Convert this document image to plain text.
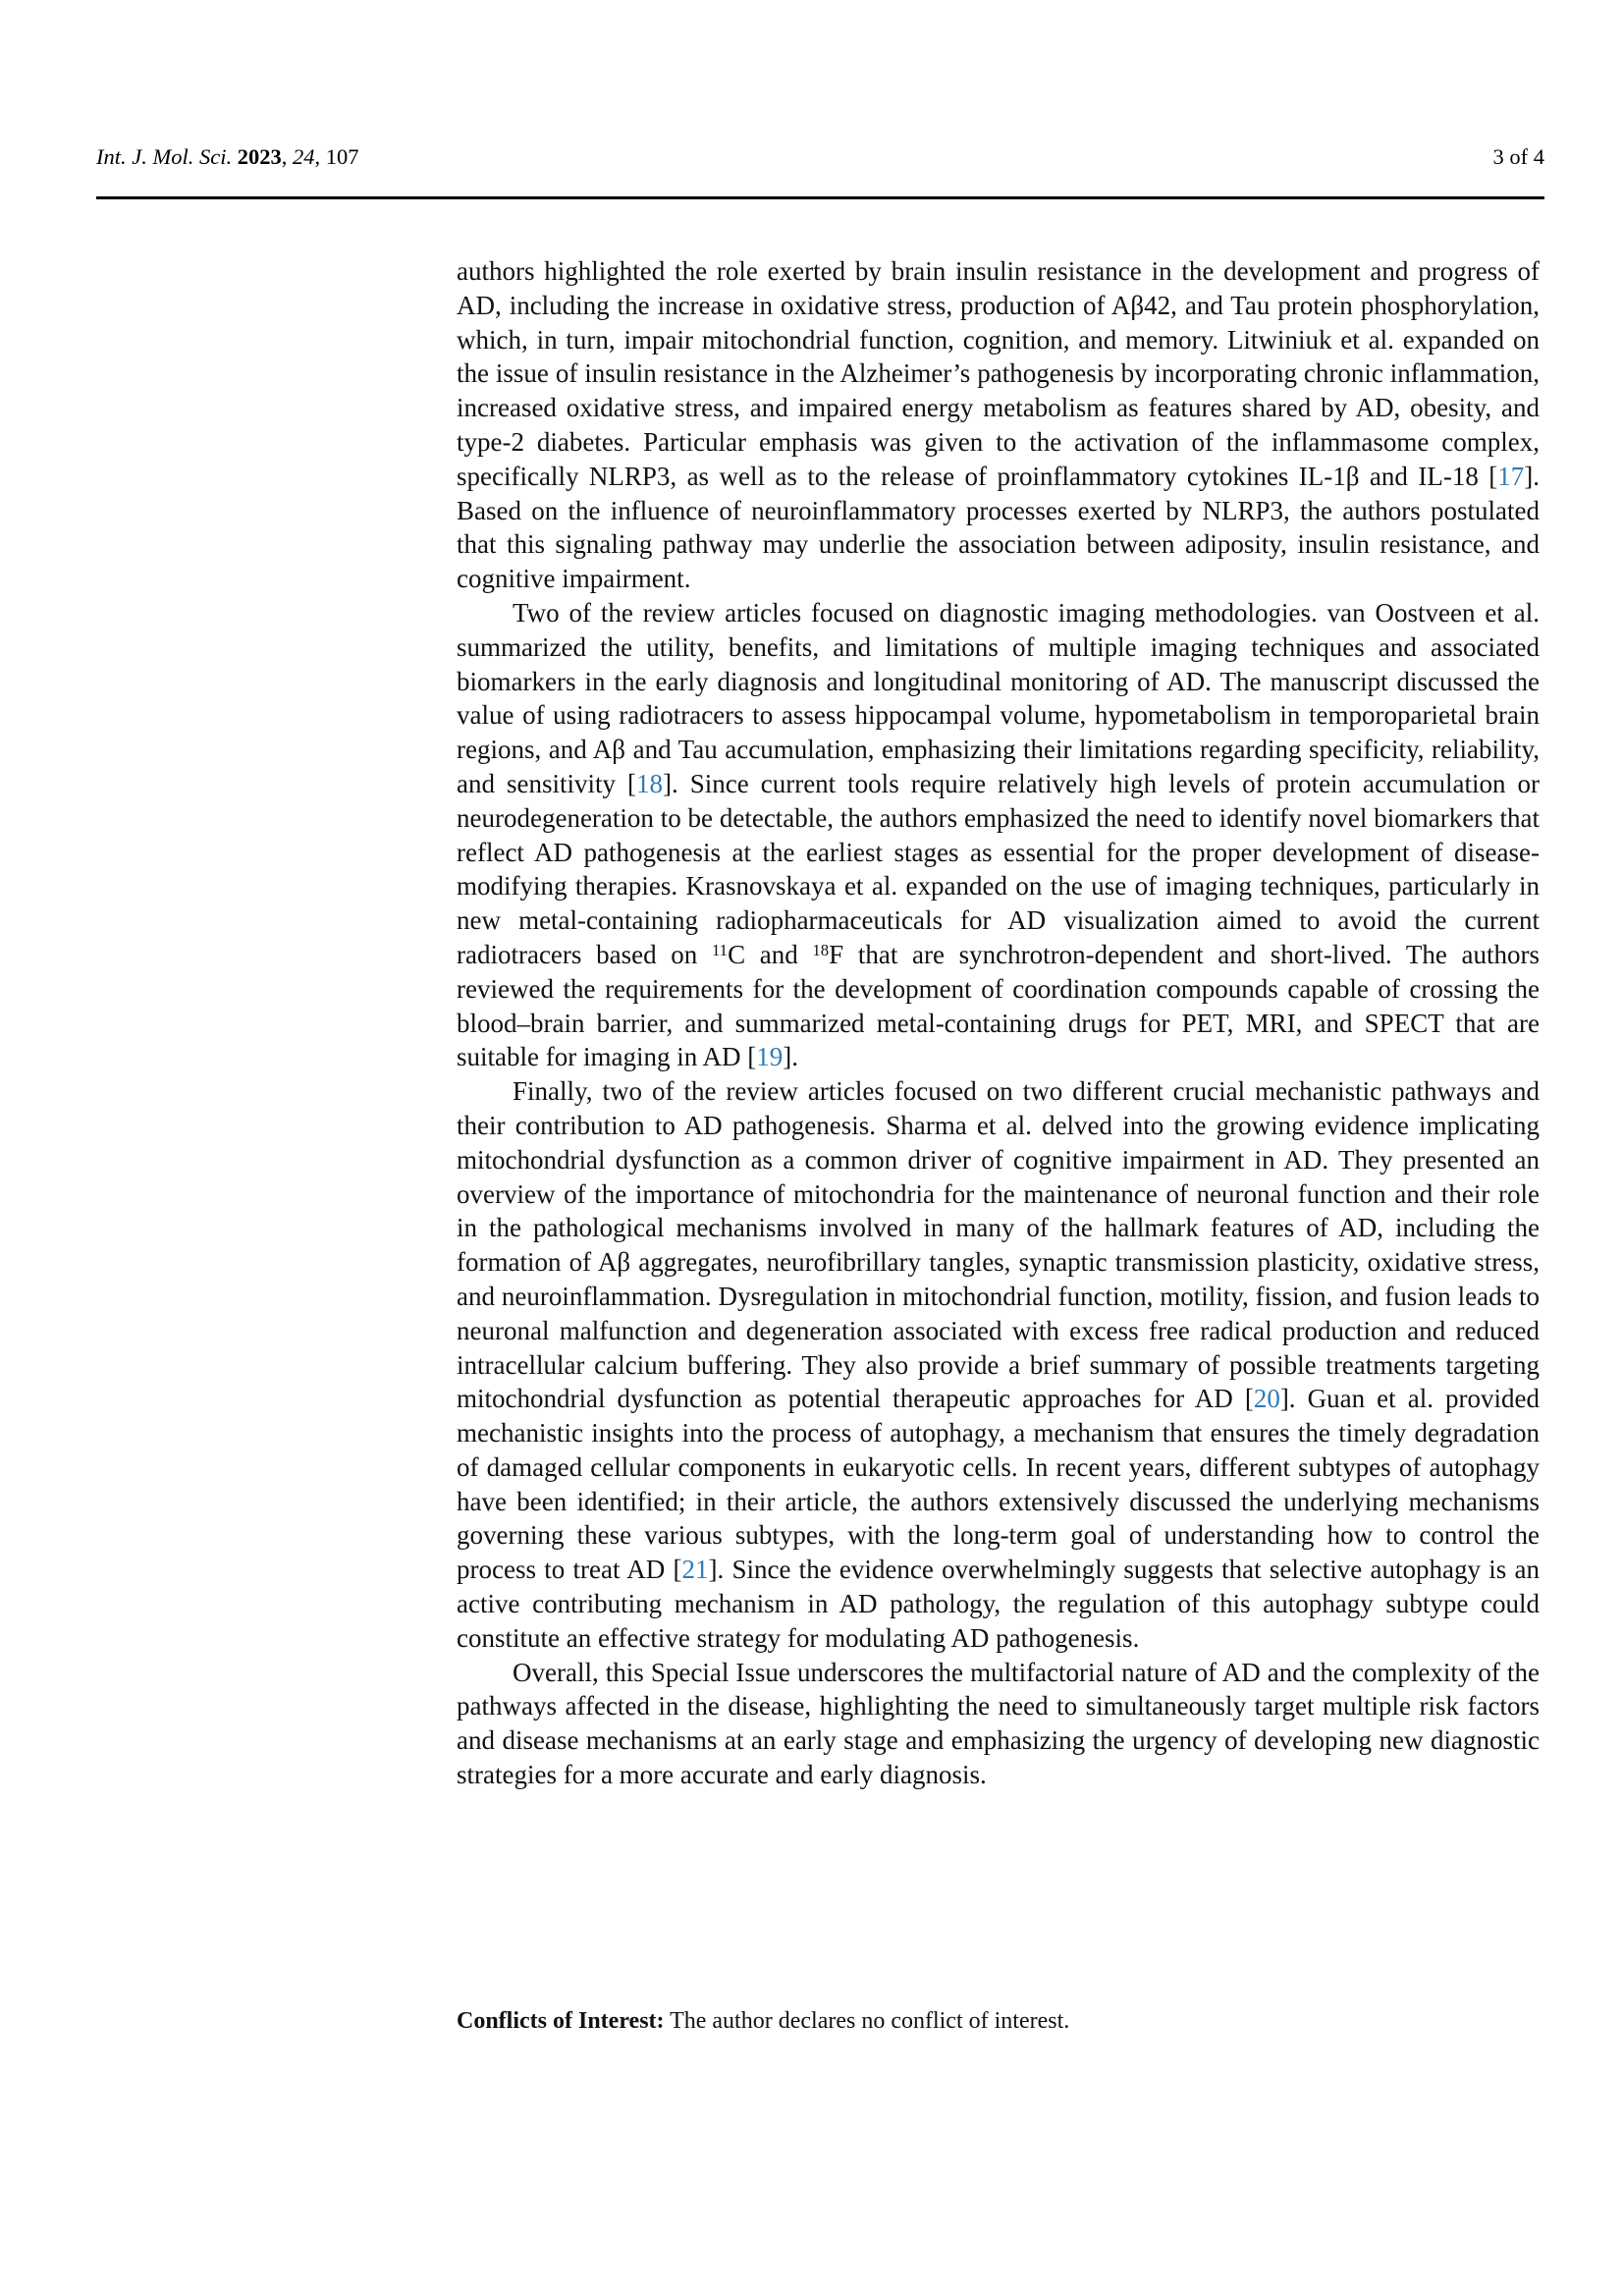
Int. J. Mol. Sci. 2023, 24, 107	3 of 4

authors highlighted the role exerted by brain insulin resistance in the development and progress of AD, including the increase in oxidative stress, production of Aβ42, and Tau protein phosphorylation, which, in turn, impair mitochondrial function, cognition, and memory. Litwiniuk et al. expanded on the issue of insulin resistance in the Alzheimer’s pathogenesis by incorporating chronic inflammation, increased oxidative stress, and impaired energy metabolism as features shared by AD, obesity, and type-2 diabetes. Particular emphasis was given to the activation of the inflammasome complex, specifically NLRP3, as well as to the release of proinflammatory cytokines IL-1β and IL-18 [17]. Based on the influence of neuroinflammatory processes exerted by NLRP3, the authors postulated that this signaling pathway may underlie the association between adiposity, insulin resistance, and cognitive impairment.

Two of the review articles focused on diagnostic imaging methodologies. van Oostveen et al. summarized the utility, benefits, and limitations of multiple imaging techniques and associated biomarkers in the early diagnosis and longitudinal monitoring of AD. The manuscript discussed the value of using radiotracers to assess hippocampal volume, hypometabolism in temporoparietal brain regions, and Aβ and Tau accumulation, emphasizing their limitations regarding specificity, reliability, and sensitivity [18]. Since current tools require relatively high levels of protein accumulation or neurodegeneration to be detectable, the authors emphasized the need to identify novel biomarkers that reflect AD pathogenesis at the earliest stages as essential for the proper development of disease-modifying therapies. Krasnovskaya et al. expanded on the use of imaging techniques, particularly in new metal-containing radiopharmaceuticals for AD visualization aimed to avoid the current radiotracers based on $^{11}$C and $^{18}$F that are synchrotron-dependent and short-lived. The authors reviewed the requirements for the development of coordination compounds capable of crossing the blood–brain barrier, and summarized metal-containing drugs for PET, MRI, and SPECT that are suitable for imaging in AD [19].

Finally, two of the review articles focused on two different crucial mechanistic pathways and their contribution to AD pathogenesis. Sharma et al. delved into the growing evidence implicating mitochondrial dysfunction as a common driver of cognitive impairment in AD. They presented an overview of the importance of mitochondria for the maintenance of neuronal function and their role in the pathological mechanisms involved in many of the hallmark features of AD, including the formation of Aβ aggregates, neurofibrillary tangles, synaptic transmission plasticity, oxidative stress, and neuroinflammation. Dysregulation in mitochondrial function, motility, fission, and fusion leads to neuronal malfunction and degeneration associated with excess free radical production and reduced intracellular calcium buffering. They also provide a brief summary of possible treatments targeting mitochondrial dysfunction as potential therapeutic approaches for AD [20]. Guan et al. provided mechanistic insights into the process of autophagy, a mechanism that ensures the timely degradation of damaged cellular components in eukaryotic cells. In recent years, different subtypes of autophagy have been identified; in their article, the authors extensively discussed the underlying mechanisms governing these various subtypes, with the long-term goal of understanding how to control the process to treat AD [21]. Since the evidence overwhelmingly suggests that selective autophagy is an active contributing mechanism in AD pathology, the regulation of this autophagy subtype could constitute an effective strategy for modulating AD pathogenesis.

Overall, this Special Issue underscores the multifactorial nature of AD and the complexity of the pathways affected in the disease, highlighting the need to simultaneously target multiple risk factors and disease mechanisms at an early stage and emphasizing the urgency of developing new diagnostic strategies for a more accurate and early diagnosis.

Conflicts of Interest: The author declares no conflict of interest.
